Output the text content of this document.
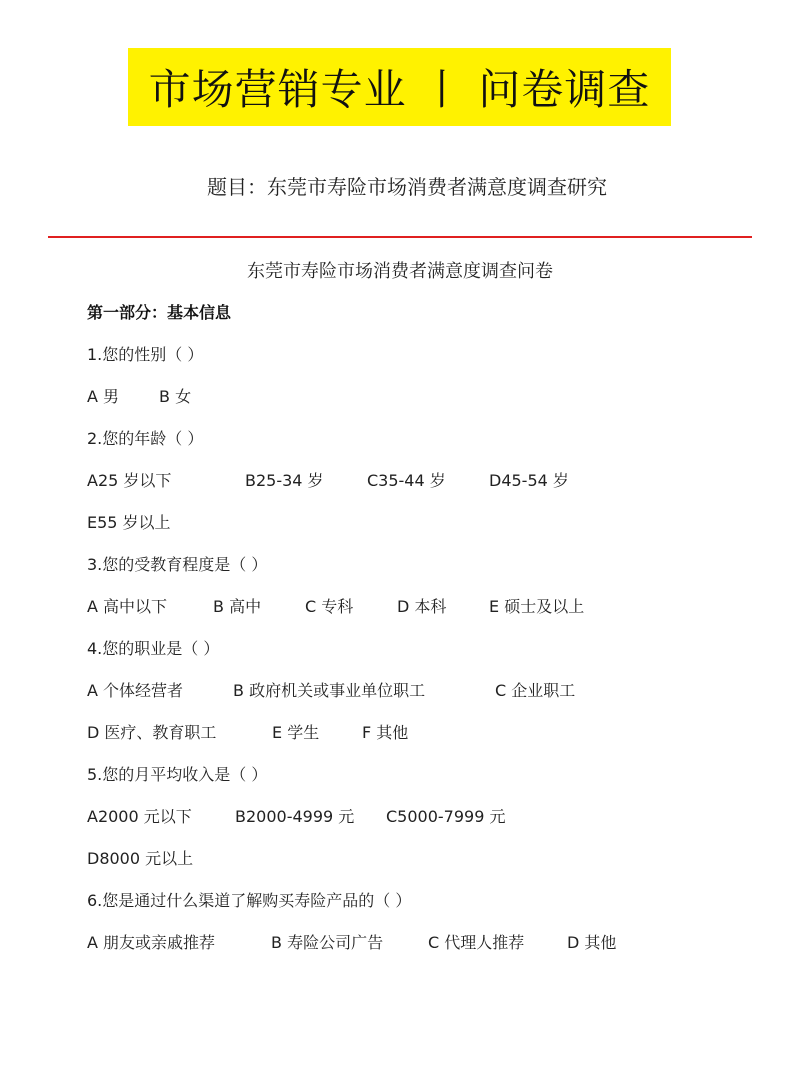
市场营销专业 丨 问卷调查
题目：东莞市寿险市场消费者满意度调查研究
东莞市寿险市场消费者满意度调查问卷
第一部分：基本信息
1.您的性别（ ）
A 男 B 女
2.您的年龄（ ）
A25 岁以下	B25-34 岁	C35-44 岁	D45-54 岁
E55 岁以上
3.您的受教育程度是（ ）
A 高中以下	B 高中	C 专科	D 本科	E 硕士及以上
4.您的职业是（ ）
A 个体经营者	B 政府机关或事业单位职工	C 企业职工
D 医疗、教育职工	E 学生	F 其他
5.您的月平均收入是（ ）
A2000 元以下	B2000-4999 元 C5000-7999 元
D8000 元以上
6.您是通过什么渠道了解购买寿险产品的（ ）
A 朋友或亲戚推荐	B 寿险公司广告	C 代理人推荐	D 其他
